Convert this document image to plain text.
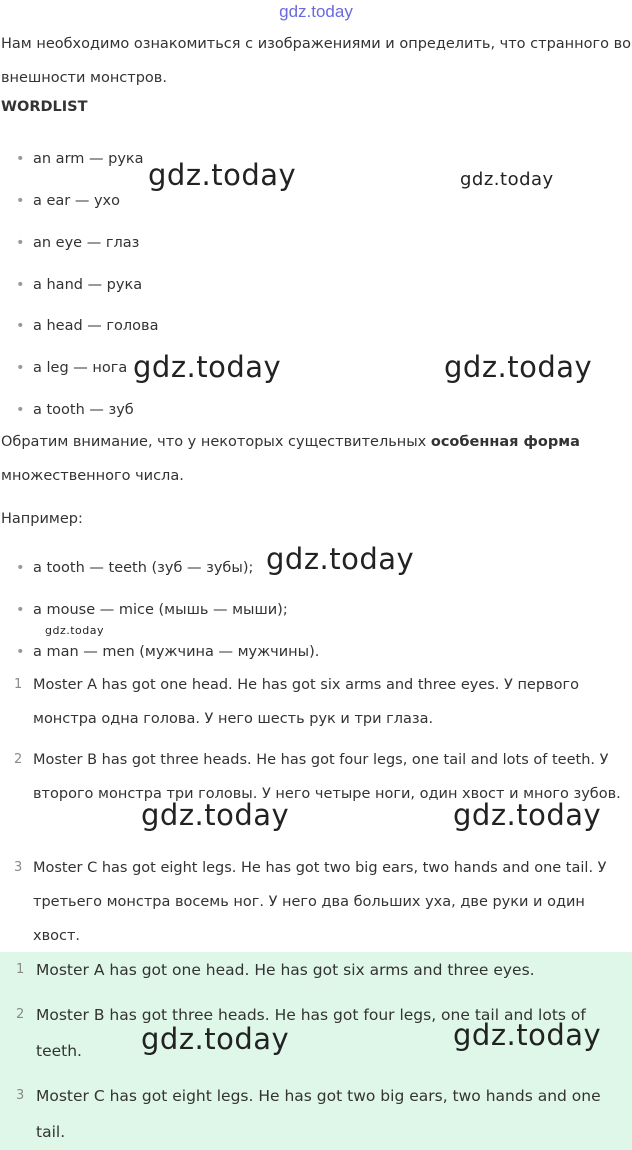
gdz.today
Нам необходимо ознакомиться с изображениями и определить, что странного во внешности монстров.
WORDLIST
• an arm — рука
• a ear — ухо
• an eye — глаз
• a hand — рука
• a head — голова
• a leg — нога
• a tooth — зуб
Обратим внимание, что у некоторых существительных особенная форма множественного числа.
Например:
• a tooth — teeth (зуб — зубы);
• a mouse — mice (мышь — мыши);
• a man — men (мужчина — мужчины).
1 Moster A has got one head. He has got six arms and three eyes. У первого монстра одна голова. У него шесть рук и три глаза.
2 Moster B has got three heads. He has got four legs, one tail and lots of teeth. У второго монстра три головы. У него четыре ноги, один хвост и много зубов.
3 Moster C has got eight legs. He has got two big ears, two hands and one tail. У третьего монстра восемь ног. У него два больших уха, две руки и один хвост.
1 Moster A has got one head. He has got six arms and three eyes.
2 Moster B has got three heads. He has got four legs, one tail and lots of teeth.
3 Moster C has got eight legs. He has got two big ears, two hands and one tail.
gdz.today	gdz.today
gdz.today	gdz.today
gdz.today
gdz.today
gdz.today	gdz.today
gdz.today	gdz.today
